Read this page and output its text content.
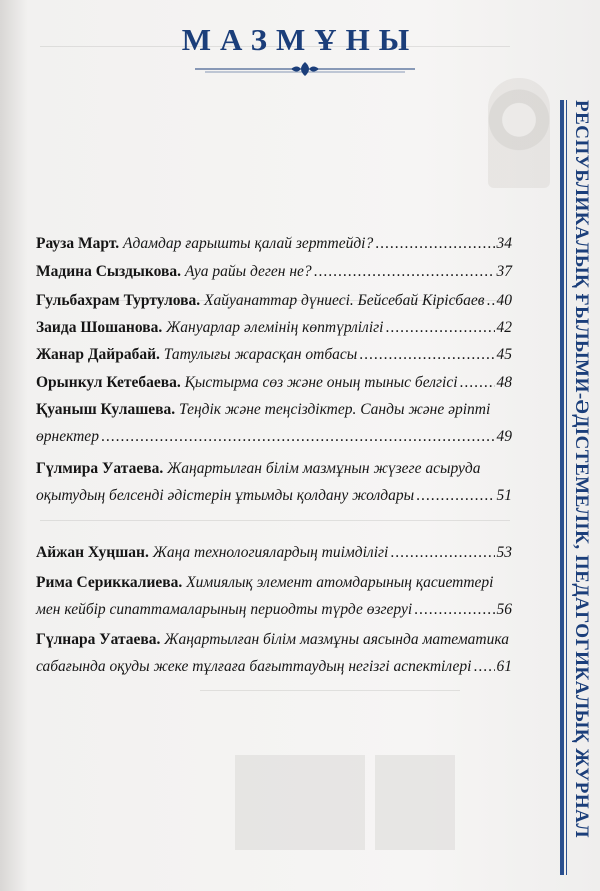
МАЗМҰНЫ
РЕСПУБЛИКАЛЫҚ ҒЫЛЫМИ-ӘДІСТЕМЕЛІК, ПЕДАГОГИКАЛЫҚ ЖУРНАЛ
Рауза Март.
Адамдар ғарышты қалай зерттейді? .....	34
Мадина Сыздыкова.
Ауа райы деген не? .....	37
Гульбахрам Туртулова.
Хайуанаттар дүниесі. Бейсебай Кірісбаев ..... 40
Заида Шошанова.
Жануарлар әлемінің көптүрлілігі .....	42
Жанар Дайрабай.
Татулығы жарасқан отбасы .....	45
Орынкул Кетебаева.
Қыстырма сөз және оның тыныс белгісі .....	48
Қуаныш Кулашева.
Теңдік және теңсіздіктер. Санды және әріпті
өрнектер .....	49
Гүлмира Уатаева.
Жаңартылған білім мазмұнын жүзеге асыруда
оқытудың белсенді әдістерін ұтымды қолдану жолдары .....	51
Айжан Хуңшан.
Жаңа технологиялардың тиімділігі .....	53
Рима Сериккалиева.
Химиялық элемент атомдарының қасиеттері
мен кейбір сипаттамаларының периодты түрде өзгеруі .....	56
Гүлнара Уатаева.
Жаңартылған білім мазмұны аясында математика
сабағында оқуды жеке тұлғаға бағыттаудың негізгі аспектілері ..... 61
